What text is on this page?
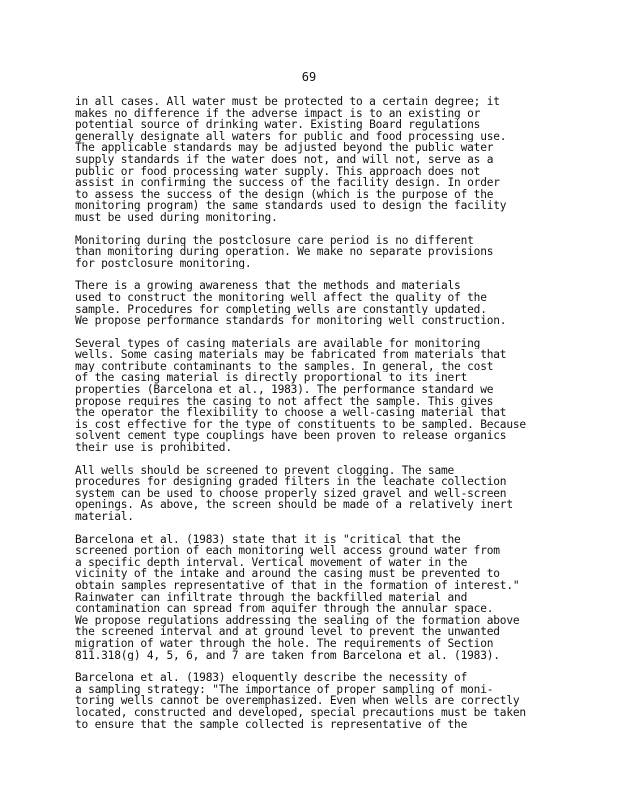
69
in all cases. All water must be protected to a certain degree; it
makes no difference if the adverse impact is to an existing or
potential source of drinking water. Existing Board regulations
generally designate all waters for public and food processing use.
The applicable standards may be adjusted beyond the public water
supply standards if the water does not, and will not, serve as a
public or food processing water supply. This approach does not
assist in confirming the success of the facility design. In order
to assess the success of the design (which is the purpose of the
monitoring program) the same standards used to design the facility
must be used during monitoring.
Monitoring during the postclosure care period is no different
than monitoring during operation. We make no separate provisions
for postclosure monitoring.
There is a growing awareness that the methods and materials
used to construct the monitoring well affect the quality of the
sample. Procedures for completing wells are constantly updated.
We propose performance standards for monitoring well construction.
Several types of casing materials are available for monitoring
wells. Some casing materials may be fabricated from materials that
may contribute contaminants to the samples. In general, the cost
of the casing material is directly proportional to its inert
properties (Barcelona et al., 1983). The performance standard we
propose requires the casing to not affect the sample. This gives
the operator the flexibility to choose a well-casing material that
is cost effective for the type of constituents to be sampled. Because
solvent cement type couplings have been proven to release organics
their use is prohibited.
All wells should be screened to prevent clogging. The same
procedures for designing graded filters in the leachate collection
system can be used to choose properly sized gravel and well-screen
openings. As above, the screen should be made of a relatively inert
material.
Barcelona et al. (1983) state that it is "critical that the
screened portion of each monitoring well access ground water from
a specific depth interval. Vertical movement of water in the
vicinity of the intake and around the casing must be prevented to
obtain samples representative of that in the formation of interest."
Rainwater can infiltrate through the backfilled material and
contamination can spread from aquifer through the annular space.
We propose regulations addressing the sealing of the formation above
the screened interval and at ground level to prevent the unwanted
migration of water through the hole. The requirements of Section
811.318(g) 4, 5, 6, and 7 are taken from Barcelona et al. (1983).
Barcelona et al. (1983) eloquently describe the necessity of
a sampling strategy: "The importance of proper sampling of moni-
toring wells cannot be overemphasized. Even when wells are correctly
located, constructed and developed, special precautions must be taken
to ensure that the sample collected is representative of the
